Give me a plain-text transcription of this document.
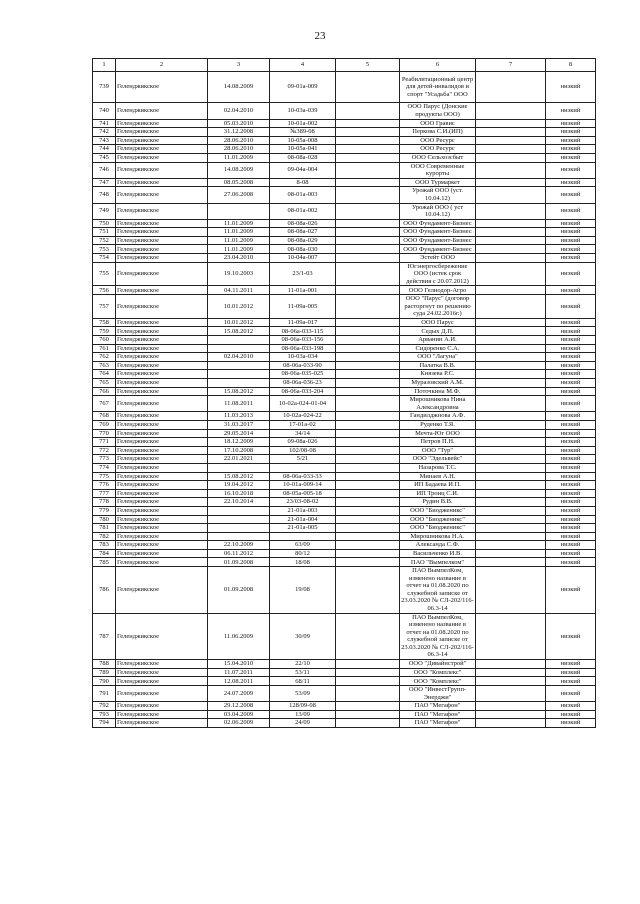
23
1	2	3	4	5	6	7	8
739	Геленджикское	14.08.2009	09-01a-009		Реабилитационный центр для детей-инвалидов и спорт "Усадьба" ООО		низкий
740	Геленджикское	02.04.2010	10-03a-039		ООО Парус (Донские продукты ООО)		низкий
741	Геленджикское	05.03.2010	10-01a-002		ООО Гравис		низкий
742	Геленджикское	31.12.2008	№389-08		Перкова С.И.(ИП)		низкий
743	Геленджикское	28.06.2010	10-05a-008		ООО Ресурс		низкий
744	Геленджикское	28.06.2010	10-05a-041		ООО Ресурс		низкий
745	Геленджикское	11.01.2009	08-08a-028		ООО Сельхозсбыт		низкий
746	Геленджикское	14.08.2009	09-04a-004		ООО Современные курорты		низкий
747	Геленджикское	08.05.2008	8-08		ООО Турмаркет		низкий
748	Геленджикское	27.06.2008	08-01a-003		Урожай ООО (уст. 10.04.12)		низкий
749	Геленджикское		08-01a-002		Урожай ООО ( уст 10.04.12)		низкий
750	Геленджикское	11.01.2009	08-08a-026		ООО Фундамент-Бизнес		низкий
751	Геленджикское	11.01.2009	08-08a-027		ООО Фундамент-Бизнес		низкий
752	Геленджикское	11.01.2009	08-08a-029		ООО Фундамент-Бизнес		низкий
753	Геленджикское	11.01.2009	08-08a-030		ООО Фундамент-Бизнес		низкий
754	Геленджикское	23.04.2010	10-04a-007		Эстейт ООО		низкий
755	Геленджикское	19.10.2003	23/1-03		Югэнергосбережение ООО (истек срок действия с 20.07.2012)		низкий
756	Геленджикское	04.11.2011	11-01a-001		ООО Гелиодор-Агро		низкий
757	Геленджикское	10.01.2012	11-09a-005		ООО "Парус" (договор расторгнут по решению суда 24.02.2016г.)		низкий
758	Геленджикское	10.01.2012	11-09a-017		ООО Парус		низкий
759	Геленджикское	15.08.2012	08-06a-033-115		Седых Д.П.		низкий
760	Геленджикское		08-06a-033-156		Арванин А.И.		низкий
761	Геленджикское		08-06a-033-198		Сидоренко С.А.		низкий
762	Геленджикское	02.04.2010	10-03a-034		ООО "Лагуна"		низкий
763	Геленджикское		08-06a-033-90		Палатка В.В.		низкий
764	Геленджикское		08-06a-035-025		Князева Р.С.		низкий
765	Геленджикское		08-06a-036-23		Муразовский А.М.		низкий
766	Геленджикское	15.08.2012	08-06a-033-204		Поточкина М.Ф.		низкий
767	Геленджикское	11.08.2011	10-02a-024-01-04		Мирошникова Нина Александровна		низкий
768	Геленджикское	11.03.2013	10-02a-024-22		Гандилджнова А.Ф.		низкий
769	Геленджикское	31.03.2017	17-01a-02		Руденко Т.Я.		низкий
770	Геленджикское	29.05.2014	34/14		Мечта-Юг ООО		низкий
771	Геленджикское	18.12.2009	09-08a-026		Петров П.Н.		низкий
772	Геленджикское	17.10.2008	102/08-08		ООО "Тур"		низкий
773	Геленджикское	22.01.2021	5/21		ООО "Эдельвейс"		низкий
774	Геленджикское				Назарова Т.С.		низкий
775	Геленджикское	15.08.2012	08-06a-033-33		Минаев А.Н.		низкий
776	Геленджикское	19.04.2012	10-01a-009-14		ИП Бадаева И.П.		низкий
777	Геленджикское	16.10.2018	08-05a-005-18		ИП Троиц С.И.		низкий
778	Геленджикское	22.10.2014	23/03-08-02		Рудин В.В.		низкий
779	Геленджикское		21-01a-003		ООО "Биодженикс"		низкий
780	Геленджикское		21-01a-004		ООО "Биодженикс"		низкий
781	Геленджикское		21-01a-005		ООО "Биодженикс"		низкий
782	Геленджикское				Мирошникова Н.А.		низкий
783	Геленджикское	22.10.2009	63/09		Александа С.Ф.		низкий
784	Геленджикское	06.11.2012	80/12		Васильченко И.В.		низкий
785	Геленджикское	01.09.2008	18/08		ПАО "Вымпелком"		низкий
786	Геленджикское	01.09.2008	19/08		ПАО ВымпелКом, изменено название в отчет на 01.08.2020 по служебной записке от 23.03.2020 № СЛ-202/116-06.3-14		низкий
787	Геленджикское	11.06.2009	30/09		ПАО ВымпелКом, изменено название в отчет на 01.08.2020 по служебной записке от 23.03.2020 № СЛ-202/116-06.3-14		низкий
788	Геленджикское	15.04.2010	22/10		ООО "Дивайнстрой"		низкий
789	Геленджикское	11.07.2011	53/11		ООО "Комплекс"		низкий
790	Геленджикское	12.08.2011	68/11		ООО "Комплекс"		низкий
791	Геленджикское	24.07.2009	53/09		ООО "ИнвестГрупп-Энерджи"		низкий
792	Геленджикское	29.12.2008	128/09-08		ПАО "Мегафон"		низкий
793	Геленджикское	03.04.2009	13/09		ПАО "Мегафон"		низкий
794	Геленджикское	02.06.2009	24/09		ПАО "Мегафон"		низкий
